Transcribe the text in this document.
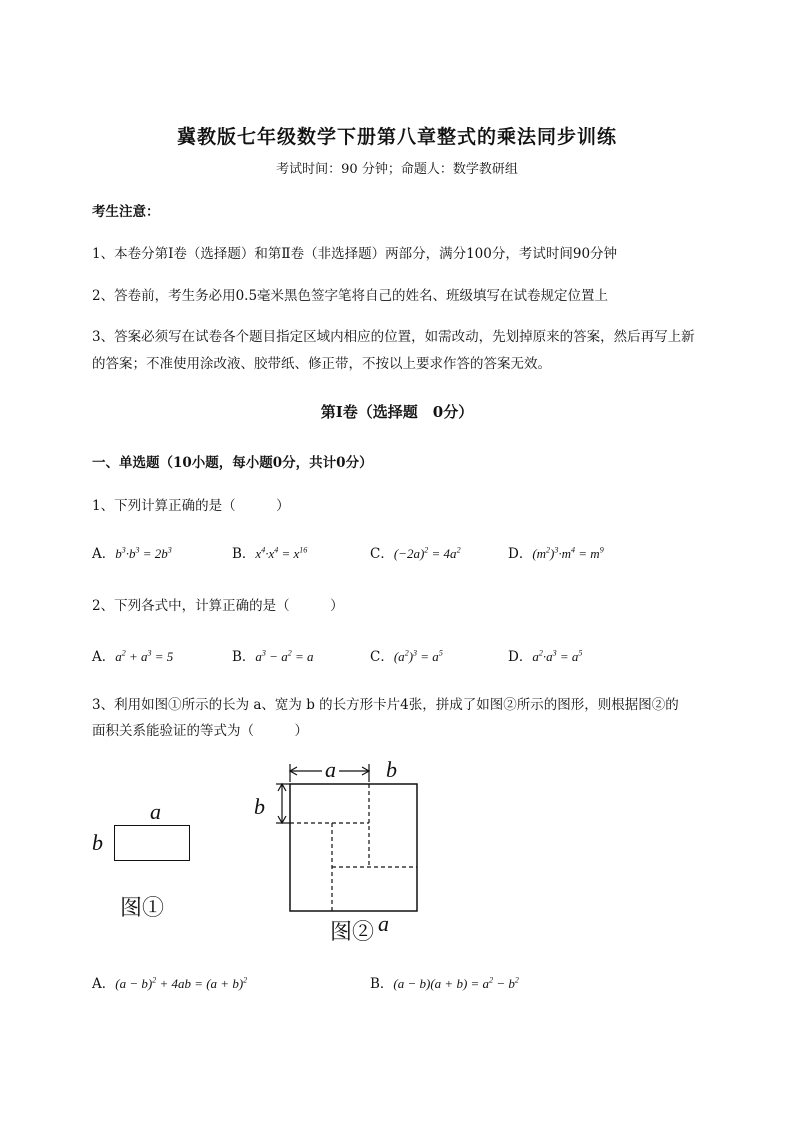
冀教版七年级数学下册第八章整式的乘法同步训练
考试时间：90 分钟；命题人：数学教研组
考生注意：
1、本卷分第Ⅰ卷（选择题）和第Ⅱ卷（非选择题）两部分，满分100分，考试时间90分钟
2、答卷前，考生务必用0.5毫米黑色签字笔将自己的姓名、班级填写在试卷规定位置上
3、答案必须写在试卷各个题目指定区域内相应的位置，如需改动，先划掉原来的答案，然后再写上新
的答案；不准使用涂改液、胶带纸、修正带，不按以上要求作答的答案无效。
第Ⅰ卷（选择题　0分）
一、单选题（10小题，每小题0分，共计0分）
1、下列计算正确的是（　　　）
A．$b^3\cdot b^3 = 2b^3$	B．$x^4\cdot x^4 = x^{16}$	C．$(-2a)^2 = 4a^2$	D．$(m^2)^3\cdot m^4 = m^9$
2、下列各式中，计算正确的是（　　　）
A．$a^2 + a^3 = 5$	B．$a^3 - a^2 = a$	C．$(a^2)^3 = a^5$	D．$a^2\cdot a^3 = a^5$
3、利用如图①所示的长为 a、宽为 b 的长方形卡片4张，拼成了如图②所示的图形，则根据图②的
面积关系能验证的等式为（　　　）
a
b
图①
a b
b
图② a
A．$(a - b)^2 + 4ab = (a + b)^2$	B．$(a - b)(a + b) = a^2 - b^2$
